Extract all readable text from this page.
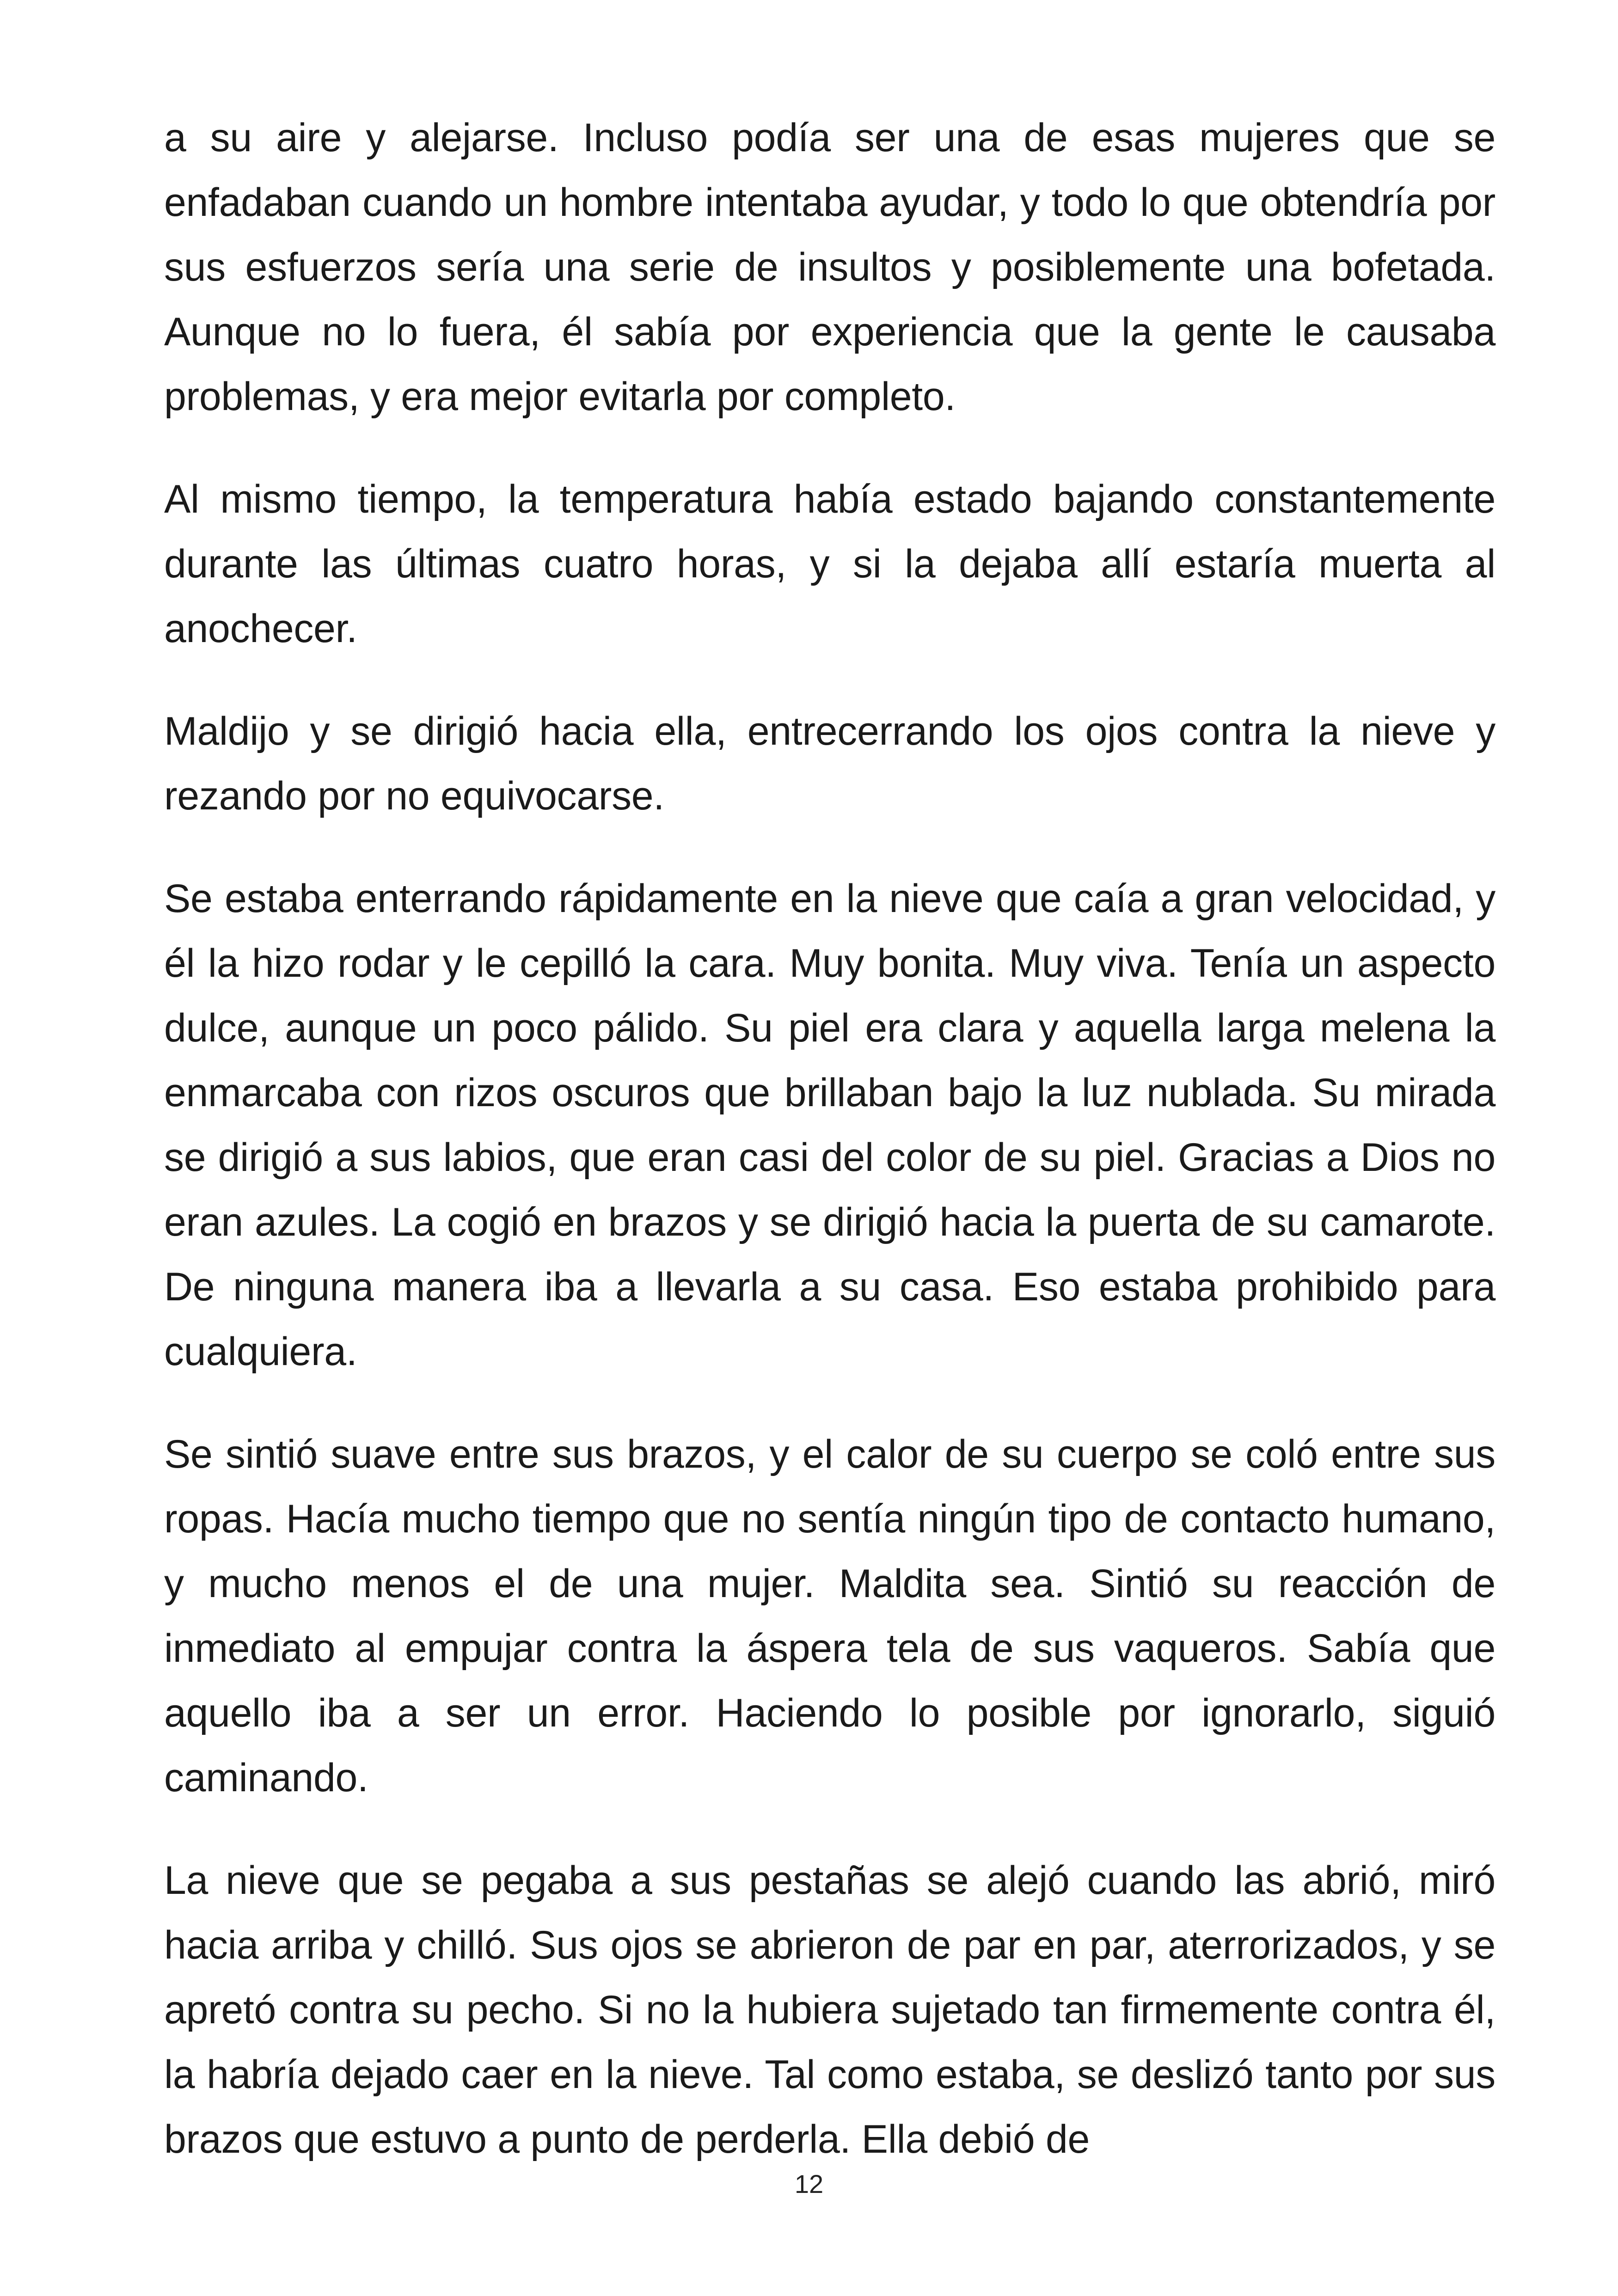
a su aire y alejarse. Incluso podía ser una de esas mujeres que se enfadaban cuando un hombre intentaba ayudar, y todo lo que obtendría por sus esfuerzos sería una serie de insultos y posiblemente una bofetada. Aunque no lo fuera, él sabía por experiencia que la gente le causaba problemas, y era mejor evitarla por completo.

Al mismo tiempo, la temperatura había estado bajando constantemente durante las últimas cuatro horas, y si la dejaba allí estaría muerta al anochecer.

Maldijo y se dirigió hacia ella, entrecerrando los ojos contra la nieve y rezando por no equivocarse.

Se estaba enterrando rápidamente en la nieve que caía a gran velocidad, y él la hizo rodar y le cepilló la cara. Muy bonita. Muy viva. Tenía un aspecto dulce, aunque un poco pálido. Su piel era clara y aquella larga melena la enmarcaba con rizos oscuros que brillaban bajo la luz nublada. Su mirada se dirigió a sus labios, que eran casi del color de su piel. Gracias a Dios no eran azules. La cogió en brazos y se dirigió hacia la puerta de su camarote. De ninguna manera iba a llevarla a su casa. Eso estaba prohibido para cualquiera.

Se sintió suave entre sus brazos, y el calor de su cuerpo se coló entre sus ropas. Hacía mucho tiempo que no sentía ningún tipo de contacto humano, y mucho menos el de una mujer. Maldita sea. Sintió su reacción de inmediato al empujar contra la áspera tela de sus vaqueros. Sabía que aquello iba a ser un error. Haciendo lo posible por ignorarlo, siguió caminando.

La nieve que se pegaba a sus pestañas se alejó cuando las abrió, miró hacia arriba y chilló. Sus ojos se abrieron de par en par, aterrorizados, y se apretó contra su pecho. Si no la hubiera sujetado tan firmemente contra él, la habría dejado caer en la nieve. Tal como estaba, se deslizó tanto por sus brazos que estuvo a punto de perderla. Ella debió de

12
